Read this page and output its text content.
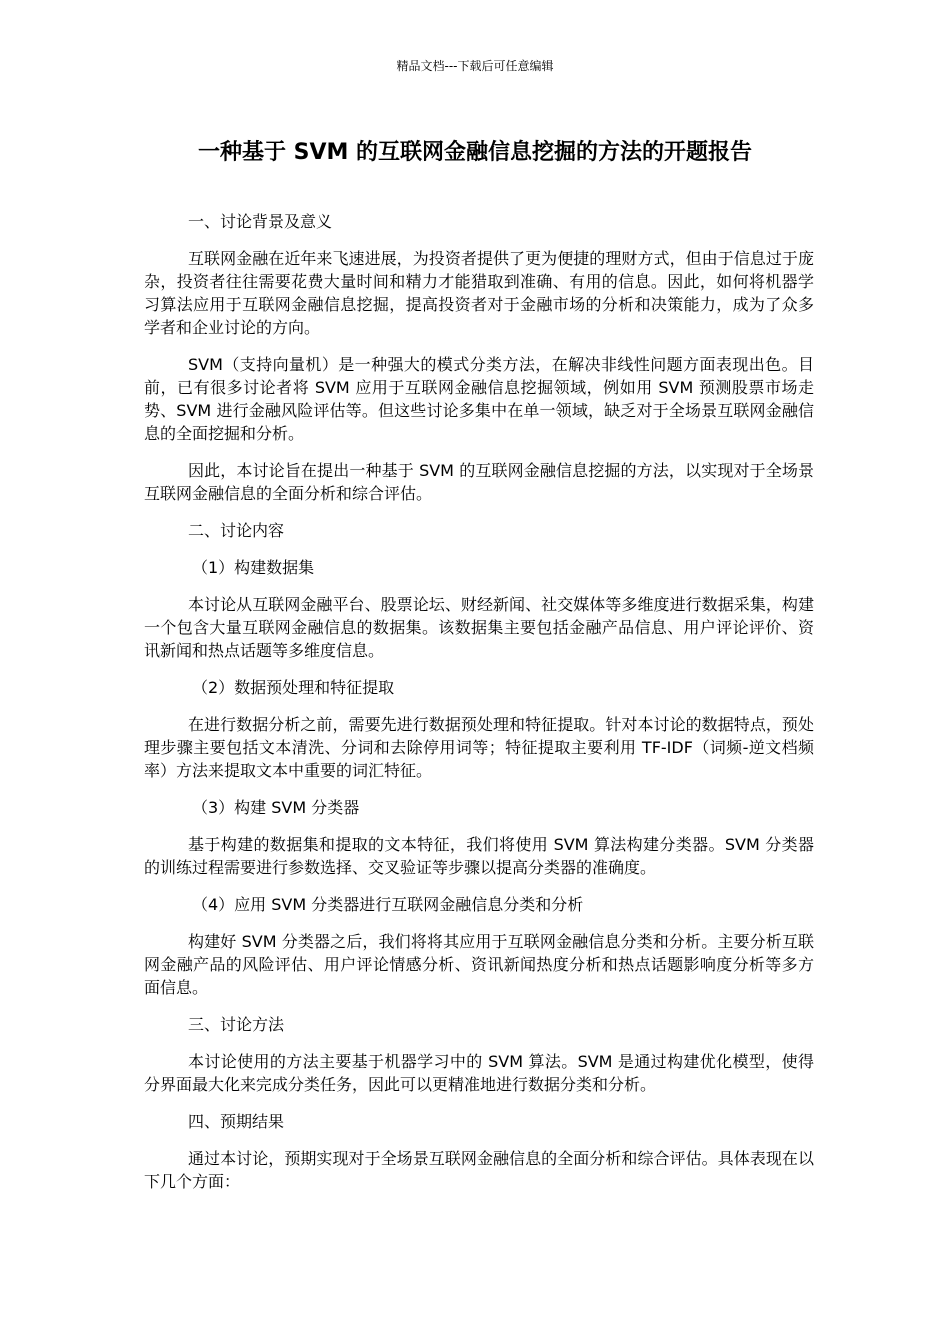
精品文档---下载后可任意编辑
一种基于 SVM 的互联网金融信息挖掘的方法的开题报告

一、讨论背景及意义

互联网金融在近年来飞速进展，为投资者提供了更为便捷的理财方式，但由于信息过于庞杂，投资者往往需要花费大量时间和精力才能猎取到准确、有用的信息。因此，如何将机器学习算法应用于互联网金融信息挖掘，提高投资者对于金融市场的分析和决策能力，成为了众多学者和企业讨论的方向。

SVM（支持向量机）是一种强大的模式分类方法，在解决非线性问题方面表现出色。目前，已有很多讨论者将 SVM 应用于互联网金融信息挖掘领域，例如用 SVM 预测股票市场走势、SVM 进行金融风险评估等。但这些讨论多集中在单一领域，缺乏对于全场景互联网金融信息的全面挖掘和分析。

因此，本讨论旨在提出一种基于 SVM 的互联网金融信息挖掘的方法，以实现对于全场景互联网金融信息的全面分析和综合评估。

二、讨论内容

（1）构建数据集

本讨论从互联网金融平台、股票论坛、财经新闻、社交媒体等多维度进行数据采集，构建一个包含大量互联网金融信息的数据集。该数据集主要包括金融产品信息、用户评论评价、资讯新闻和热点话题等多维度信息。

（2）数据预处理和特征提取

在进行数据分析之前，需要先进行数据预处理和特征提取。针对本讨论的数据特点，预处理步骤主要包括文本清洗、分词和去除停用词等；特征提取主要利用 TF-IDF（词频-逆文档频率）方法来提取文本中重要的词汇特征。

（3）构建 SVM 分类器

基于构建的数据集和提取的文本特征，我们将使用 SVM 算法构建分类器。SVM 分类器的训练过程需要进行参数选择、交叉验证等步骤以提高分类器的准确度。

（4）应用 SVM 分类器进行互联网金融信息分类和分析

构建好 SVM 分类器之后，我们将将其应用于互联网金融信息分类和分析。主要分析互联网金融产品的风险评估、用户评论情感分析、资讯新闻热度分析和热点话题影响度分析等多方面信息。

三、讨论方法

本讨论使用的方法主要基于机器学习中的 SVM 算法。SVM 是通过构建优化模型，使得分界面最大化来完成分类任务，因此可以更精准地进行数据分类和分析。

四、预期结果

通过本讨论，预期实现对于全场景互联网金融信息的全面分析和综合评估。具体表现在以下几个方面：
